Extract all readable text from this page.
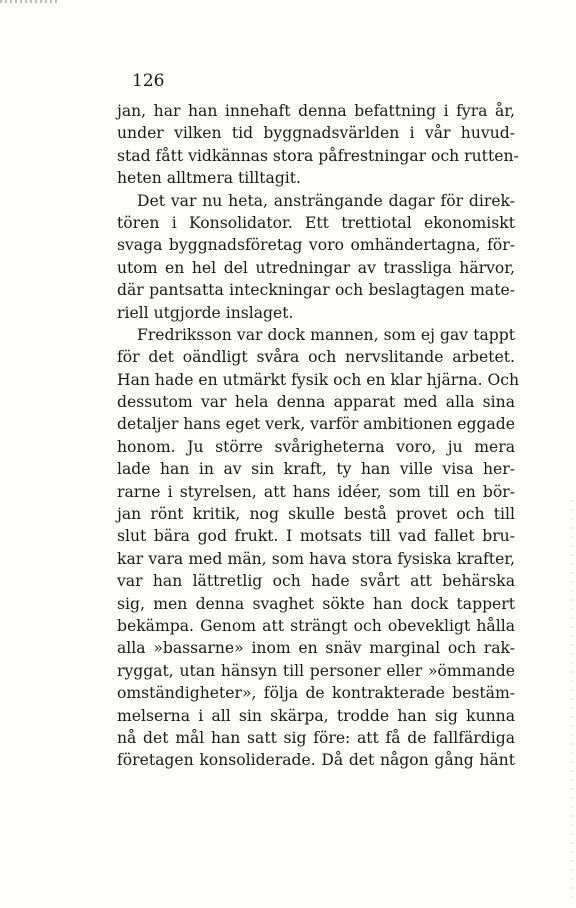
126
jan, har han innehaft denna befattning i fyra år,
under vilken tid byggnadsvärlden i vår huvud-
stad fått vidkännas stora påfrestningar och rutten-
heten alltmera tilltagit.
Det var nu heta, ansträngande dagar för direk-
tören i Konsolidator. Ett trettiotal ekonomiskt
svaga byggnadsföretag voro omhändertagna, för-
utom en hel del utredningar av trassliga härvor,
där pantsatta inteckningar och beslagtagen mate-
riell utgjorde inslaget.
Fredriksson var dock mannen, som ej gav tappt
för det oändligt svåra och nervslitande arbetet.
Han hade en utmärkt fysik och en klar hjärna. Och
dessutom var hela denna apparat med alla sina
detaljer hans eget verk, varför ambitionen eggade
honom. Ju större svårigheterna voro, ju mera
lade han in av sin kraft, ty han ville visa her-
rarne i styrelsen, att hans idéer, som till en bör-
jan rönt kritik, nog skulle bestå provet och till
slut bära god frukt. I motsats till vad fallet bru-
kar vara med män, som hava stora fysiska krafter,
var han lättretlig och hade svårt att behärska
sig, men denna svaghet sökte han dock tappert
bekämpa. Genom att strängt och obevekligt hålla
alla »bassarne» inom en snäv marginal och rak-
ryggat, utan hänsyn till personer eller »ömmande
omständigheter», följa de kontrakterade bestäm-
melserna i all sin skärpa, trodde han sig kunna
nå det mål han satt sig före: att få de fallfärdiga
företagen konsoliderade. Då det någon gång hänt
